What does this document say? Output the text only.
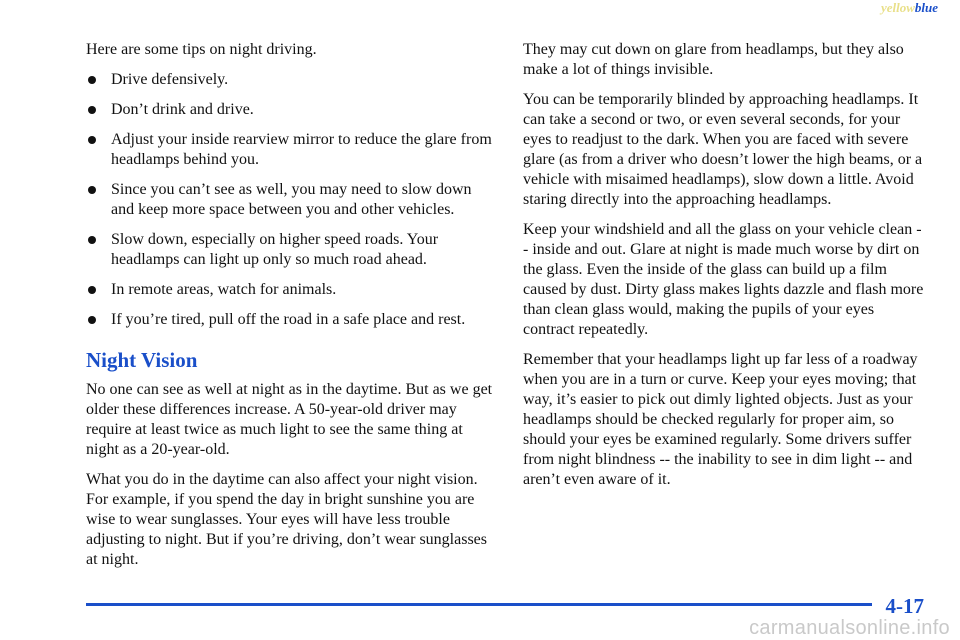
yellowblue

Here are some tips on night driving.

Drive defensively.
Don’t drink and drive.
Adjust your inside rearview mirror to reduce the glare from headlamps behind you.
Since you can’t see as well, you may need to slow down and keep more space between you and other vehicles.
Slow down, especially on higher speed roads. Your headlamps can light up only so much road ahead.
In remote areas, watch for animals.
If you’re tired, pull off the road in a safe place and rest.
Night Vision

No one can see as well at night as in the daytime. But as we get older these differences increase. A 50-year-old driver may require at least twice as much light to see the same thing at night as a 20-year-old.

What you do in the daytime can also affect your night vision. For example, if you spend the day in bright sunshine you are wise to wear sunglasses. Your eyes will have less trouble adjusting to night. But if you’re driving, don’t wear sunglasses at night.

They may cut down on glare from headlamps, but they also make a lot of things invisible.

You can be temporarily blinded by approaching headlamps. It can take a second or two, or even several seconds, for your eyes to readjust to the dark. When you are faced with severe glare (as from a driver who doesn’t lower the high beams, or a vehicle with misaimed headlamps), slow down a little. Avoid staring directly into the approaching headlamps.

Keep your windshield and all the glass on your vehicle clean -- inside and out. Glare at night is made much worse by dirt on the glass. Even the inside of the glass can build up a film caused by dust. Dirty glass makes lights dazzle and flash more than clean glass would, making the pupils of your eyes contract repeatedly.

Remember that your headlamps light up far less of a roadway when you are in a turn or curve. Keep your eyes moving; that way, it’s easier to pick out dimly lighted objects. Just as your headlamps should be checked regularly for proper aim, so should your eyes be examined regularly. Some drivers suffer from night blindness -- the inability to see in dim light -- and aren’t even aware of it.

4-17
carmanualsonline.info
